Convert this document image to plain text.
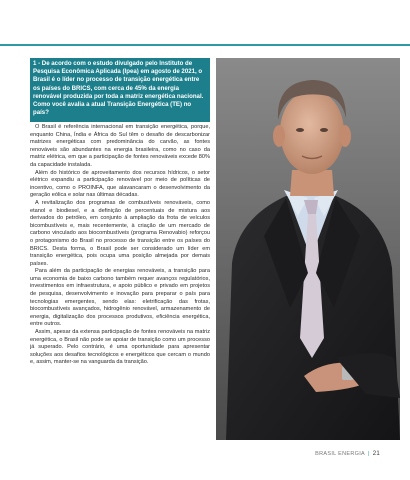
1 - De acordo com o estudo divulgado pelo Instituto de Pesquisa Econômica Aplicada (Ipea) em agosto de 2021, o Brasil é o líder no processo de transição energética entre os países do BRICS, com cerca de 45% da energia renovável produzida por toda a matriz energética nacional. Como você avalia a atual Transição Energética (TE) no país?

O Brasil é referência internacional em transição energética, porque, enquanto China, Índia e África do Sul têm o desafio de descarbonizar matrizes energéticas com predominância do carvão, as fontes renováveis são abundantes na energia brasileira, como no caso da matriz elétrica, em que a participação de fontes renováveis excede 80% da capacidade instalada.

Além do histórico de aproveitamento dos recursos hídricos, o setor elétrico expandiu a participação renovável por meio de políticas de incentivo, como o PROINFA, que alavancaram o desenvolvimento da geração eólica e solar nas últimas décadas.

A revitalização dos programas de combustíveis renováveis, como etanol e biodiesel, e a definição de percentuais de mistura aos derivados do petróleo, em conjunto à ampliação da frota de veículos bicombustíveis e, mais recentemente, à criação de um mercado de carbono vinculado aos biocombustíveis (programa Renovabio) reforçou o protagonismo do Brasil no processo de transição entre os países do BRICS. Desta forma, o Brasil pode ser considerado um líder em transição energética, pois ocupa uma posição almejada por demais países.

Para além da participação de energias renováveis, a transição para uma economia de baixo carbono também requer avanços regulatórios, investimentos em infraestrutura, e apoio público e privado em projetos de pesquisa, desenvolvimento e inovação para preparar o país para tecnologias emergentes, sendo elas: eletrificação das frotas, biocombustíveis avançados, hidrogênio renovável, armazenamento de energia, digitalização dos processos produtivos, eficiência energética, entre outros.

Assim, apesar da extensa participação de fontes renováveis na matriz energética, o Brasil não pode se apoiar de transição como um processo já superado. Pelo contrário, é uma oportunidade para apresentar soluções aos desafios tecnológicos e energéticos que cercam o mundo e, assim, manter-se na vanguarda da transição.

BRASIL ENERGIA | 21
